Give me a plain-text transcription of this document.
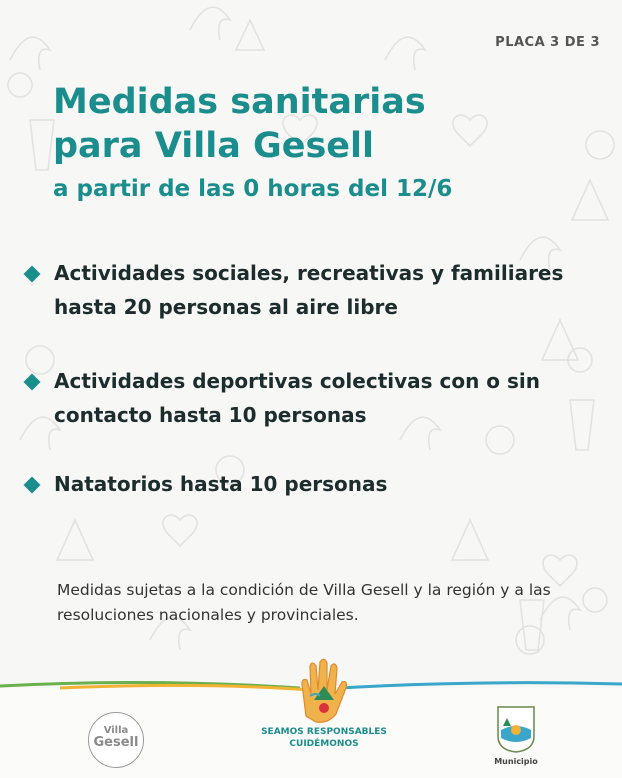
PLACA 3 DE 3
Medidas sanitarias
para Villa Gesell
a partir de las 0 horas del 12/6
Actividades sociales, recreativas y familiares hasta 20 personas al aire libre
Actividades deportivas colectivas con o sin contacto hasta 10 personas
Natatorios hasta 10 personas

Medidas sujetas a la condición de Villa Gesell y la región y a las resoluciones nacionales y provinciales.

Villa
Gesell
SEAMOS RESPONSABLES
CUIDÉMONOS
Municipio
